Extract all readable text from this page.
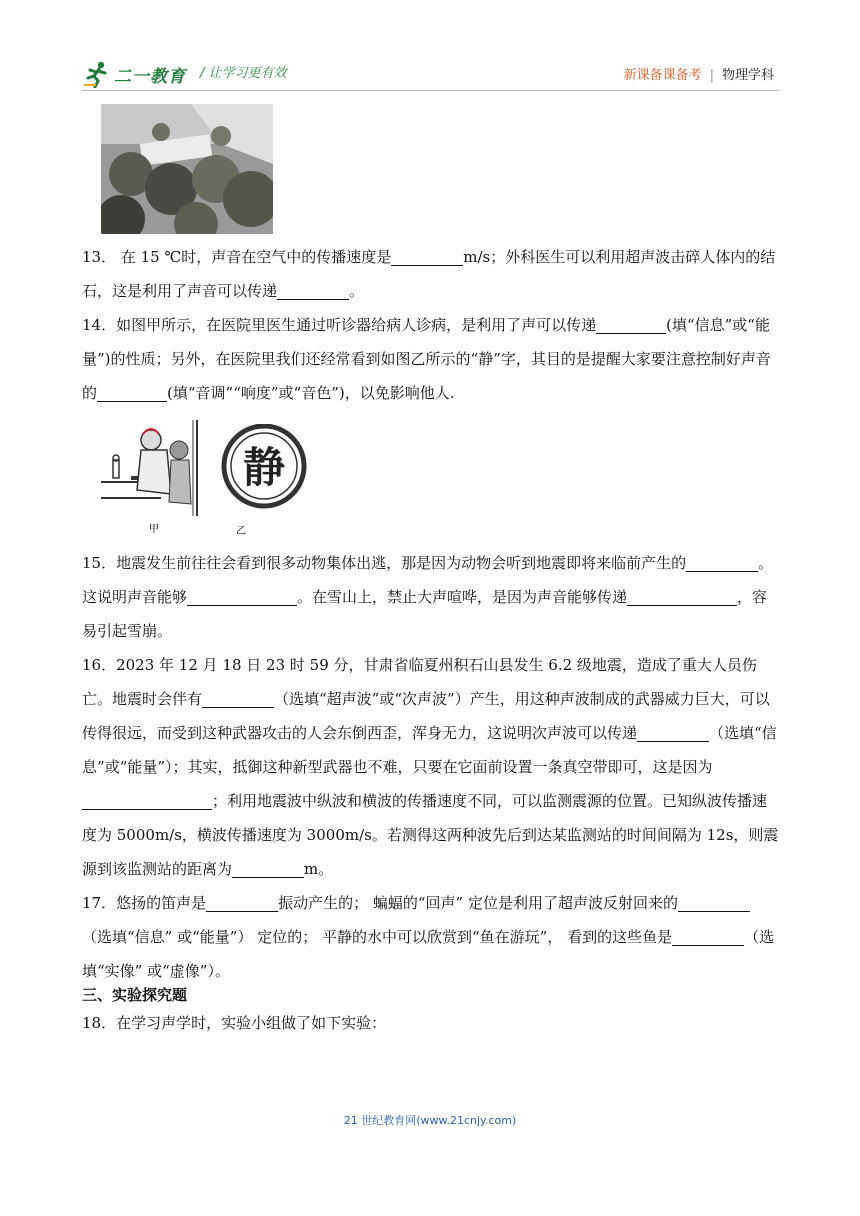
二一教育 / 让学习更有效	新课备课备考 | 物理学科

13． 在 15 ℃时，声音在空气中的传播速度是	m/s；外科医生可以利用超声波击碎人体内的结石，这是利用了声音可以传递	。

14．如图甲所示，在医院里医生通过听诊器给病人诊病，是利用了声可以传递	(填“信息”或“能量”)的性质；另外，在医院里我们还经常看到如图乙所示的“静”字，其目的是提醒大家要注意控制好声音的	(填“音调”“响度”或“音色”)，以免影响他人.

甲
静
乙

15．地震发生前往往会看到很多动物集体出逃，那是因为动物会听到地震即将来临前产生的	。这说明声音能够	。在雪山上，禁止大声喧哗，是因为声音能够传递	，容易引起雪崩。

16．2023 年 12 月 18 日 23 时 59 分，甘肃省临夏州积石山县发生 6.2 级地震，造成了重大人员伤亡。地震时会伴有	（选填“超声波”或“次声波”）产生，用这种声波制成的武器威力巨大，可以传得很远，而受到这种武器攻击的人会东倒西歪，浑身无力，这说明次声波可以传递	（选填“信息”或“能量”）；其实，抵御这种新型武器也不难，只要在它面前设置一条真空带即可，这是因为；利用地震波中纵波和横波的传播速度不同，可以监测震源的位置。已知纵波传播速度为 5000m/s，横波传播速度为 3000m/s。若测得这两种波先后到达某监测站的时间间隔为 12s，则震源到该监测站的距离为	m。

17．悠扬的笛声是	振动产生的； 蝙蝠的“回声” 定位是利用了超声波反射回来的（选填“信息” 或“能量”） 定位的； 平静的水中可以欣赏到“鱼在游玩”， 看到的这些鱼是	（选填“实像” 或“虚像”）。

三、实验探究题

18．在学习声学时，实验小组做了如下实验：

21 世纪教育网(www.21cnjy.com)
